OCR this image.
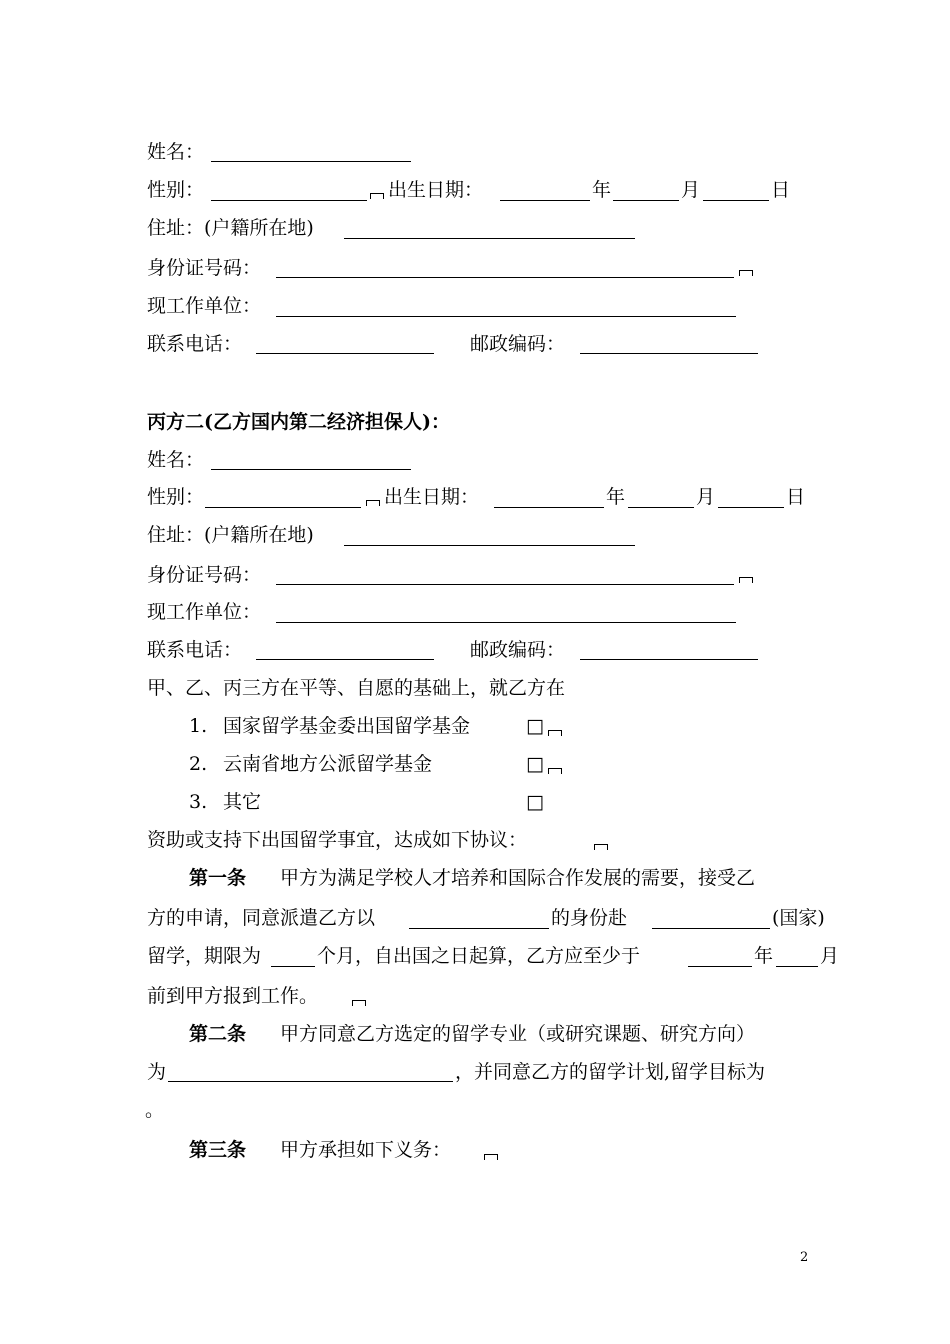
姓名：
性别：	出生日期：	年	月	日
住址：(户籍所在地)
身份证号码：
现工作单位：
联系电话：	邮政编码：
丙方二(乙方国内第二经济担保人)：
姓名：
性别：	出生日期：	年	月	日
住址：(户籍所在地)
身份证号码：
现工作单位：
联系电话：	邮政编码：
甲、乙、丙三方在平等、自愿的基础上，就乙方在
1. 国家留学基金委出国留学基金	□
2. 云南省地方公派留学基金	□
3. 其它	□
资助或支持下出国留学事宜，达成如下协议：
第一条 甲方为满足学校人才培养和国际合作发展的需要，接受乙
方的申请，同意派遣乙方以	的身份赴	(国家)
留学，期限为	个月，自出国之日起算，乙方应至少于	年 月
前到甲方报到工作。
第二条 甲方同意乙方选定的留学专业（或研究课题、研究方向）
为	，并同意乙方的留学计划,留学目标为
。
第三条 甲方承担如下义务：
2
